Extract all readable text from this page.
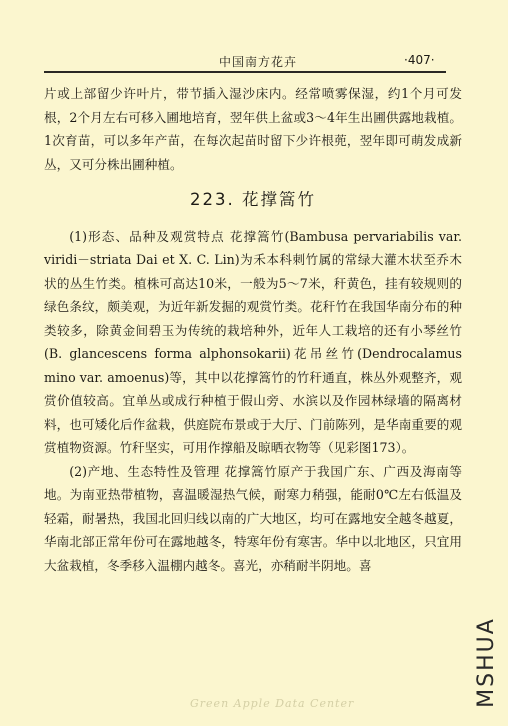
中国南方花卉	·407·

片或上部留少许叶片，带节插入湿沙床内。经常喷雾保湿，约1个月可发根，2个月左右可移入圃地培育，翌年供上盆或3～4年生出圃供露地栽植。1次育苗，可以多年产苗，在每次起苗时留下少许根蔸，翌年即可萌发成新丛，又可分株出圃种植。

223. 花撑篙竹

(1)形态、品种及观赏特点 花撑篙竹(Bambusa pervariabilis var. viridi－striata Dai et X. C. Lin)为禾本科刺竹属的常绿大灌木状至乔木状的丛生竹类。植株可高达10米，一般为5～7米，秆黄色，挂有较规则的绿色条纹，颇美观，为近年新发掘的观赏竹类。花秆竹在我国华南分布的种类较多，除黄金间碧玉为传统的栽培种外，近年人工栽培的还有小琴丝竹(B. glancescens forma alphonsokarii)花吊丝竹(Dendrocalamus mino var. amoenus)等，其中以花撑篙竹的竹秆通直，株丛外观整齐，观赏价值较高。宜单丛或成行种植于假山旁、水滨以及作园林绿墙的隔离材料，也可矮化后作盆栽，供庭院布景或于大厅、门前陈列，是华南重要的观赏植物资源。竹秆坚实，可用作撑船及晾晒衣物等（见彩图173）。

(2)产地、生态特性及管理 花撑篙竹原产于我国广东、广西及海南等地。为南亚热带植物，喜温暖湿热气候，耐寒力稍强，能耐0℃左右低温及轻霜，耐暑热，我国北回归线以南的广大地区，均可在露地安全越冬越夏，华南北部正常年份可在露地越冬，特寒年份有寒害。华中以北地区，只宜用大盆栽植，冬季移入温棚内越冬。喜光，亦稍耐半阴地。喜

Green Apple Data Center	MSHUA
